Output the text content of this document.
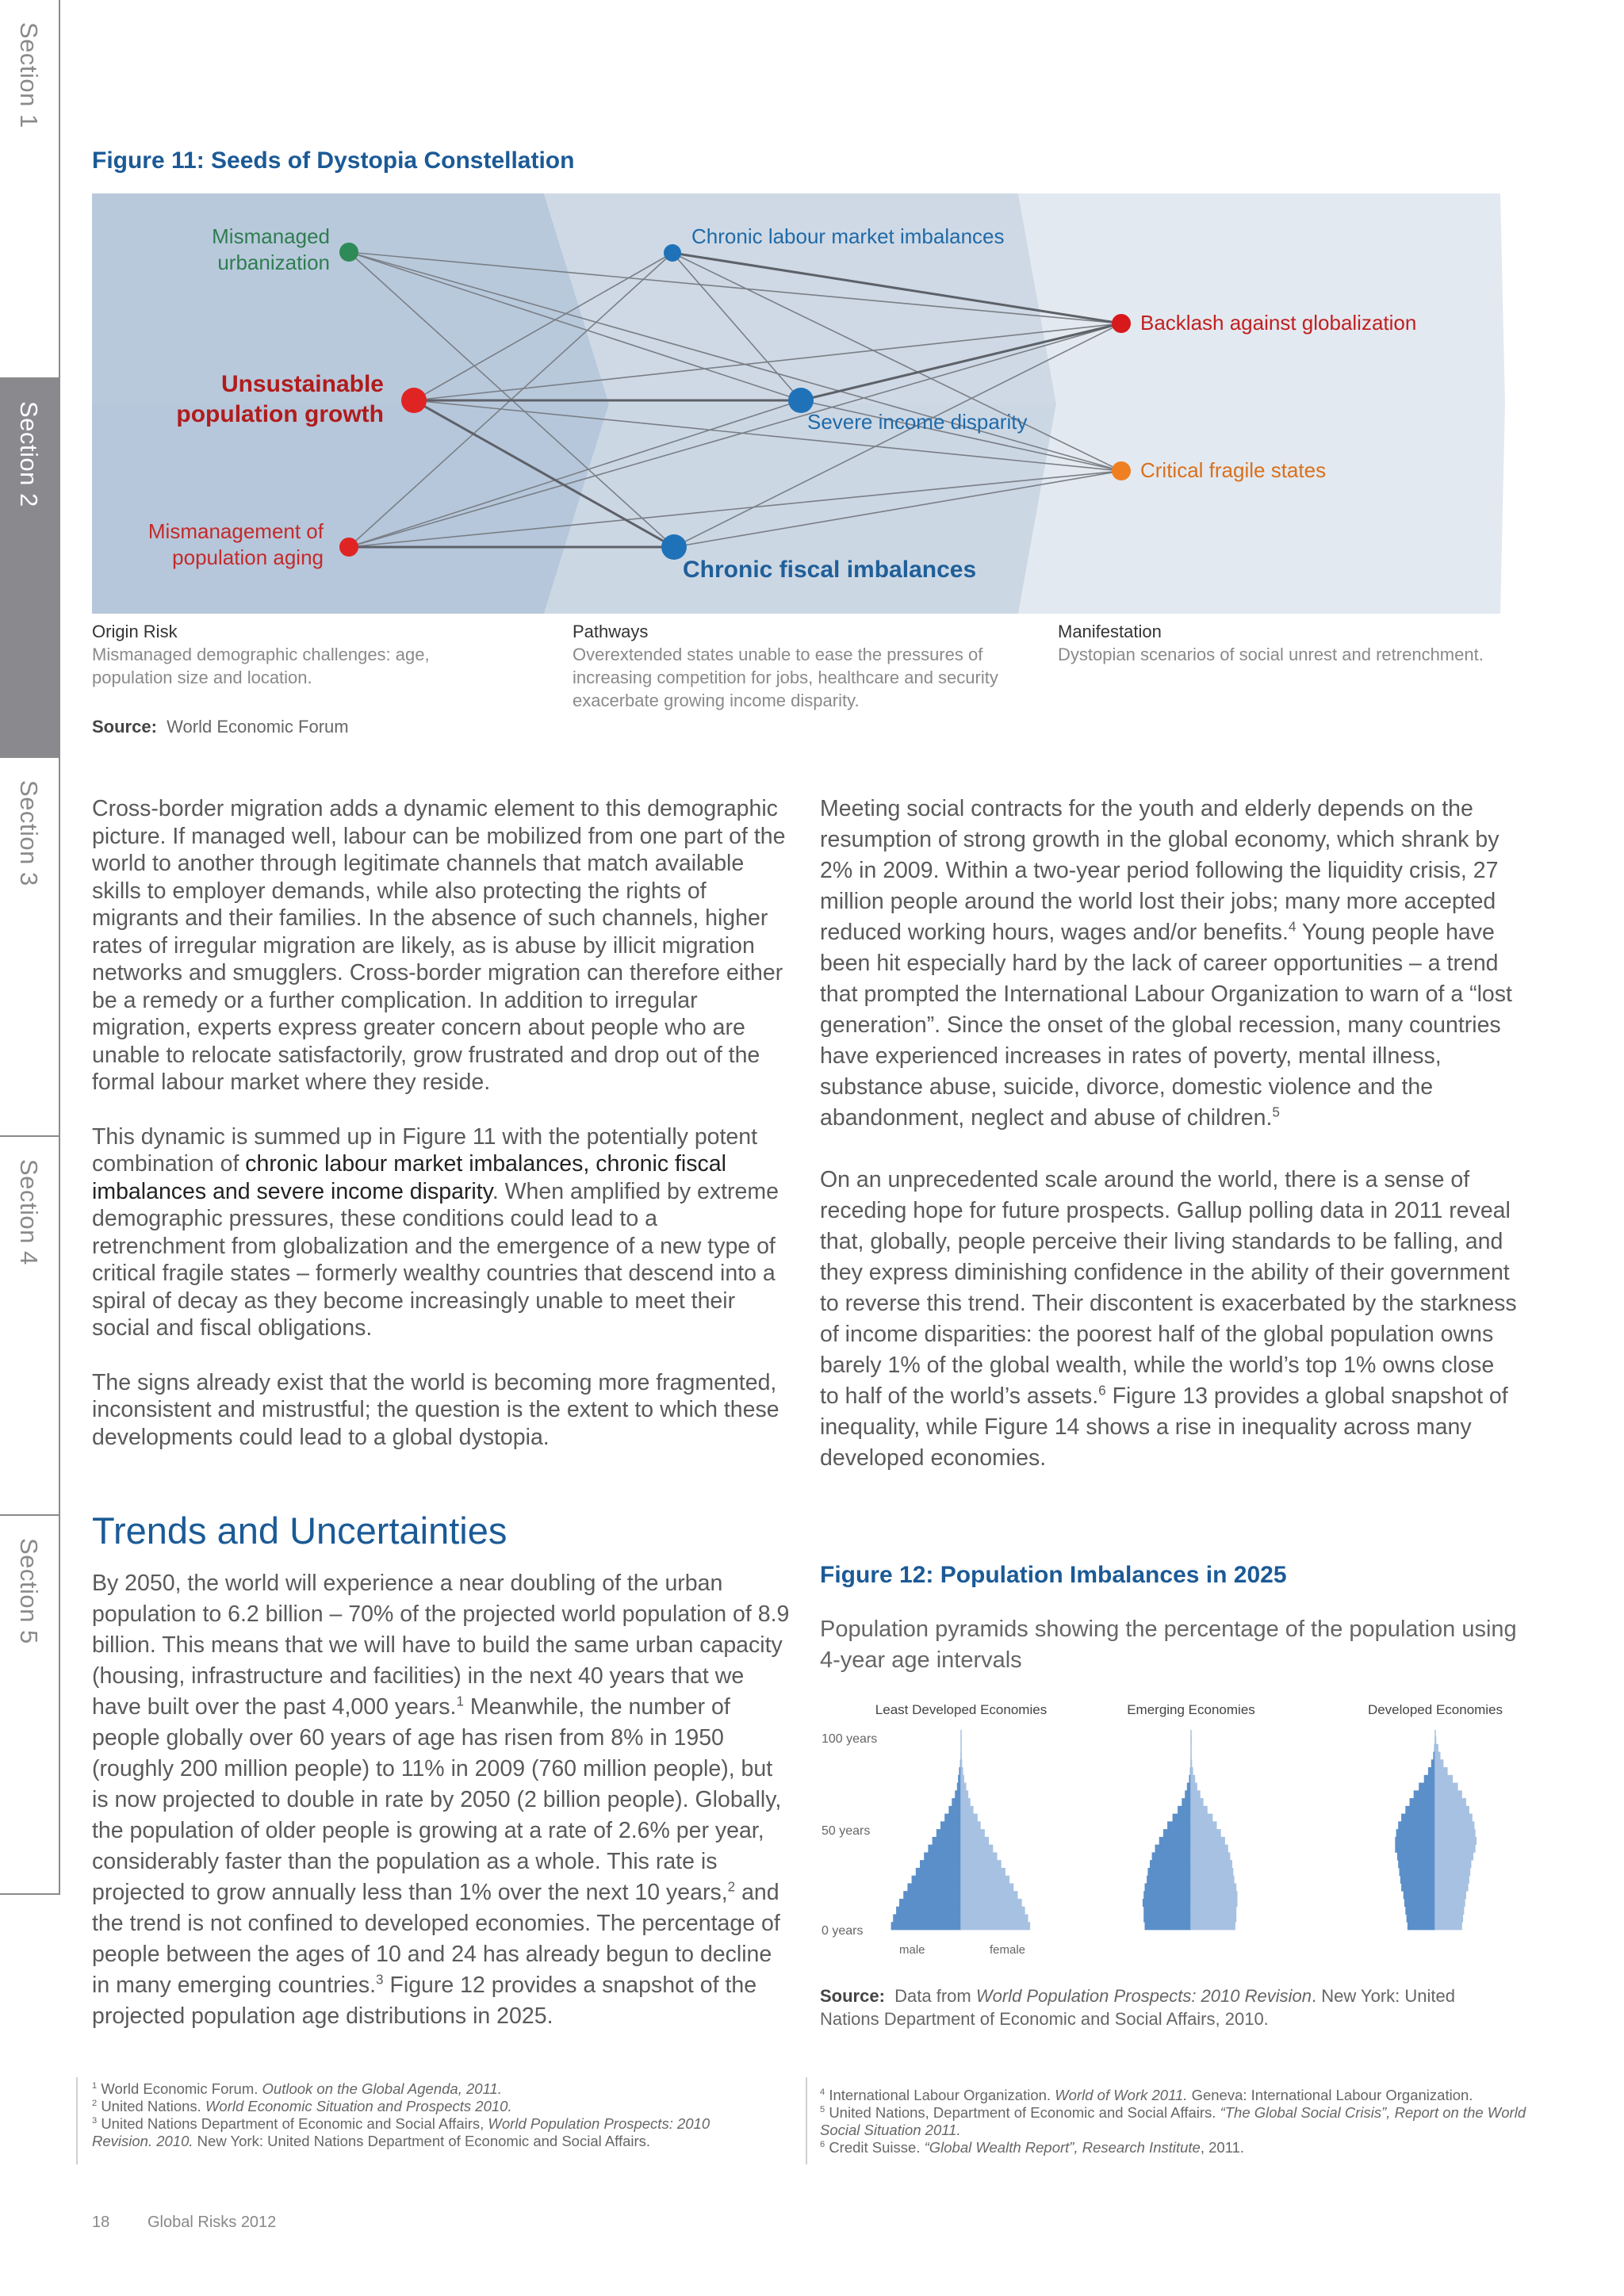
Section 1
Section 2
Section 3
Section 4
Section 5
Figure 11: Seeds of Dystopia Constellation
Mismanaged
urbanization
Unsustainable
population growth
Mismanagement of
population aging
Chronic labour market imbalances
Severe income disparity
Chronic fiscal imbalances
Backlash against globalization
Critical fragile states
Origin Risk
Mismanaged demographic challenges: age, population size and location.
Pathways
Overextended states unable to ease the pressures of increasing competition for jobs, healthcare and security exacerbate growing income disparity.
Manifestation
Dystopian scenarios of social unrest and retrenchment.
Source: World Economic Forum

Cross-border migration adds a dynamic element to this demographic picture. If managed well, labour can be mobilized from one part of the world to another through legitimate channels that match available skills to employer demands, while also protecting the rights of migrants and their families. In the absence of such channels, higher rates of irregular migration are likely, as is abuse by illicit migration networks and smugglers. Cross-border migration can therefore either be a remedy or a further complication. In addition to irregular migration, experts express greater concern about people who are unable to relocate satisfactorily, grow frustrated and drop out of the formal labour market where they reside.

This dynamic is summed up in Figure 11 with the potentially potent combination of chronic labour market imbalances, chronic fiscal imbalances and severe income disparity. When amplified by extreme demographic pressures, these conditions could lead to a retrenchment from globalization and the emergence of a new type of critical fragile states – formerly wealthy countries that descend into a spiral of decay as they become increasingly unable to meet their social and fiscal obligations.

The signs already exist that the world is becoming more fragmented, inconsistent and mistrustful; the question is the extent to which these developments could lead to a global dystopia.

Trends and Uncertainties

By 2050, the world will experience a near doubling of the urban population to 6.2 billion – 70% of the projected world population of 8.9 billion. This means that we will have to build the same urban capacity (housing, infrastructure and facilities) in the next 40 years that we have built over the past 4,000 years.$^1$ Meanwhile, the number of people globally over 60 years of age has risen from 8% in 1950 (roughly 200 million people) to 11% in 2009 (760 million people), but is now projected to double in rate by 2050 (2 billion people). Globally, the population of older people is growing at a rate of 2.6% per year, considerably faster than the population as a whole. This rate is projected to grow annually less than 1% over the next 10 years,$^2$ and the trend is not confined to developed economies. The percentage of people between the ages of 10 and 24 has already begun to decline in many emerging countries.$^3$ Figure 12 provides a snapshot of the projected population age distributions in 2025.

Meeting social contracts for the youth and elderly depends on the resumption of strong growth in the global economy, which shrank by 2% in 2009. Within a two-year period following the liquidity crisis, 27 million people around the world lost their jobs; many more accepted reduced working hours, wages and/or benefits.$^4$ Young people have been hit especially hard by the lack of career opportunities – a trend that prompted the International Labour Organization to warn of a “lost generation”. Since the onset of the global recession, many countries have experienced increases in rates of poverty, mental illness, substance abuse, suicide, divorce, domestic violence and the abandonment, neglect and abuse of children.$^5$

On an unprecedented scale around the world, there is a sense of receding hope for future prospects. Gallup polling data in 2011 reveal that, globally, people perceive their living standards to be falling, and they express diminishing confidence in the ability of their government to reverse this trend. Their discontent is exacerbated by the starkness of income disparities: the poorest half of the global population owns barely 1% of the global wealth, while the world’s top 1% owns close to half of the world’s assets.$^6$ Figure 13 provides a global snapshot of inequality, while Figure 14 shows a rise in inequality across many developed economies.

Figure 12: Population Imbalances in 2025

Population pyramids showing the percentage of the population using 4-year age intervals

100 years
50 years
0 years
Least Developed Economies	Emerging Economies	Developed Economies
male	female
Source: Data from World Population Prospects: 2010 Revision. New York: United Nations Department of Economic and Social Affairs, 2010.
$^1$ World Economic Forum. Outlook on the Global Agenda, 2011.
$^2$ United Nations. World Economic Situation and Prospects 2010.
$^3$ United Nations Department of Economic and Social Affairs, World Population Prospects: 2010 Revision. 2010. New York: United Nations Department of Economic and Social Affairs.
$^4$ International Labour Organization. World of Work 2011. Geneva: International Labour Organization.
$^5$ United Nations, Department of Economic and Social Affairs. “The Global Social Crisis”, Report on the World Social Situation 2011.
$^6$ Credit Suisse. “Global Wealth Report”, Research Institute, 2011.
18 Global Risks 2012
